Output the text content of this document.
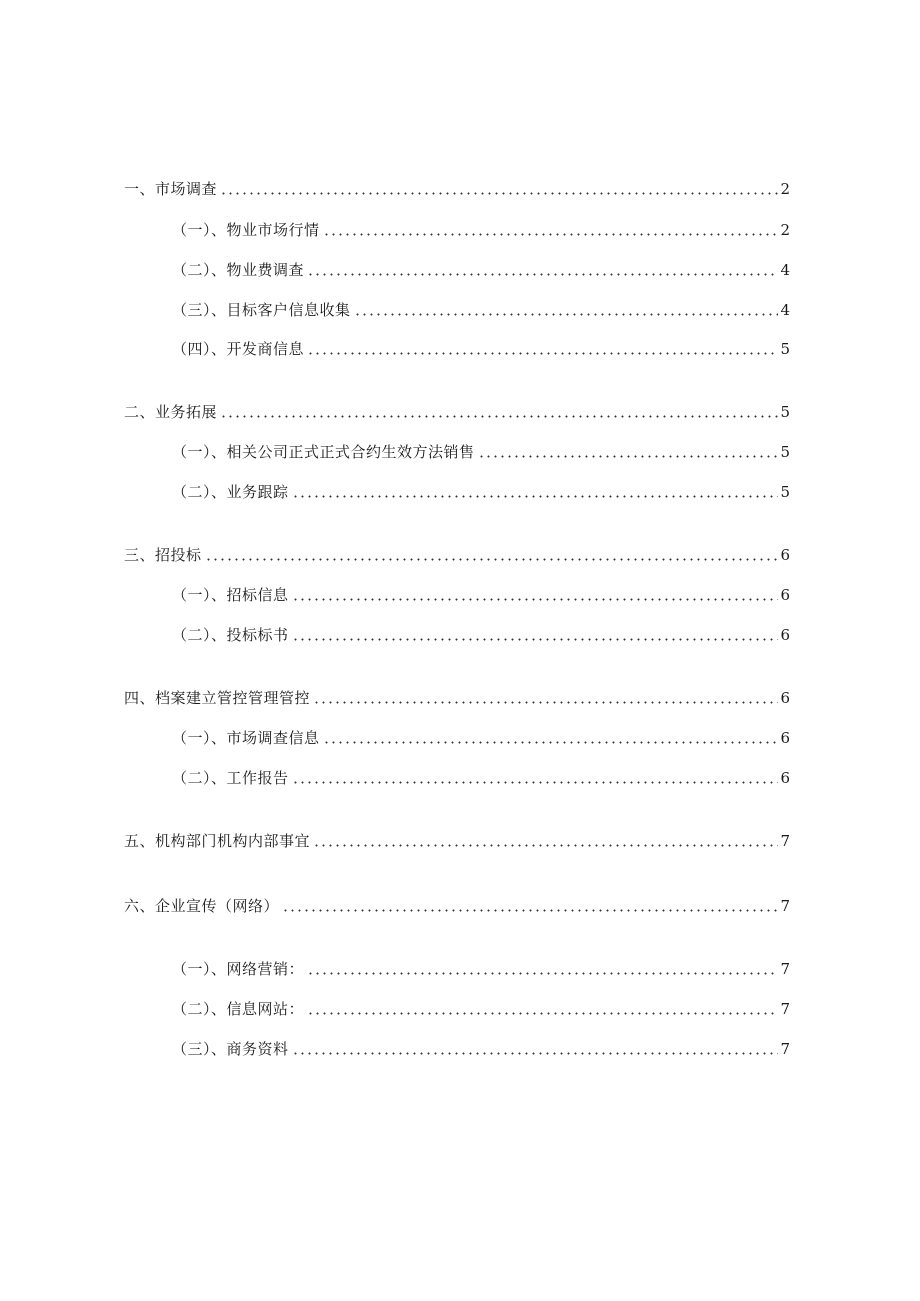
一、市场调查	2
（一）、物业市场行情	2
（二）、物业费调查	4
（三）、目标客户信息收集	4
（四）、开发商信息	5
二、业务拓展	5
（一）、相关公司正式正式合约生效方法销售	5
（二）、业务跟踪	5
三、招投标	6
（一）、招标信息	6
（二）、投标标书	6
四、档案建立管控管理管控	6
（一）、市场调查信息	6
（二）、工作报告	6
五、机构部门机构内部事宜	7
六、企业宣传（网络）	7
（一）、网络营销：	7
（二）、信息网站：	7
（三）、商务资料	7
